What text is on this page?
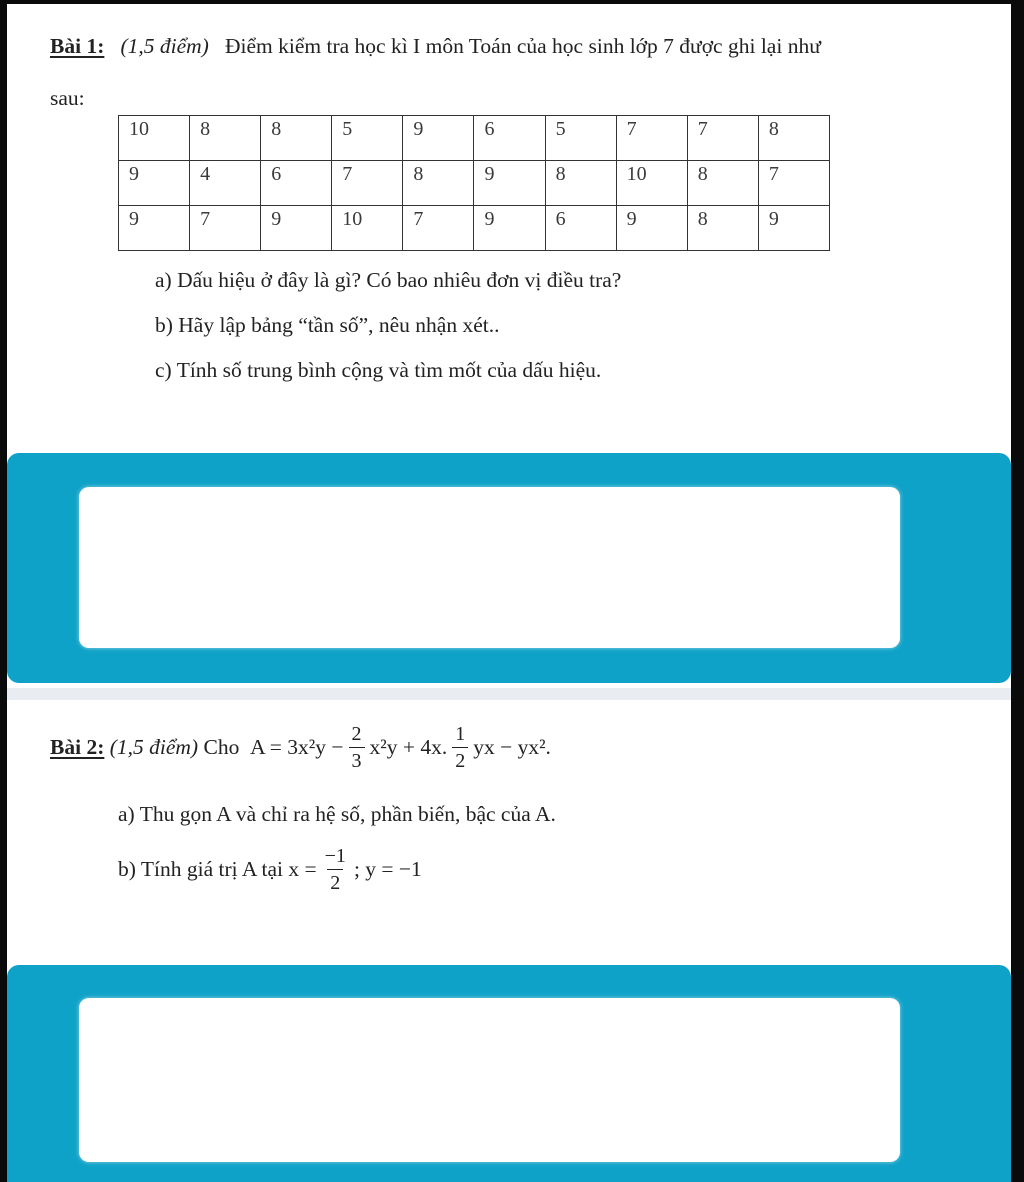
Bài 1: (1,5 điểm) Điểm kiểm tra học kì I môn Toán của học sinh lớp 7 được ghi lại như
sau:
10	8	8	5	9	6	5	7	7	8
9	4	6	7	8	9	8	10	8	7
9	7	9	10	7	9	6	9	8	9
a) Dấu hiệu ở đây là gì? Có bao nhiêu đơn vị điều tra?
b) Hãy lập bảng “tần số”, nêu nhận xét..
c) Tính số trung bình cộng và tìm mốt của dấu hiệu.
Bài 2:
(1,5 điểm)
Cho
$A = 3x^2y - \frac{2}{3} x^2y + 4x$. $\frac{1}{2}$ yx − yx².
a) Thu gọn A và chỉ ra hệ số, phần biến, bậc của A.
b) Tính giá trị A tại $x = \frac{-1}{2}$ ; y = −1
